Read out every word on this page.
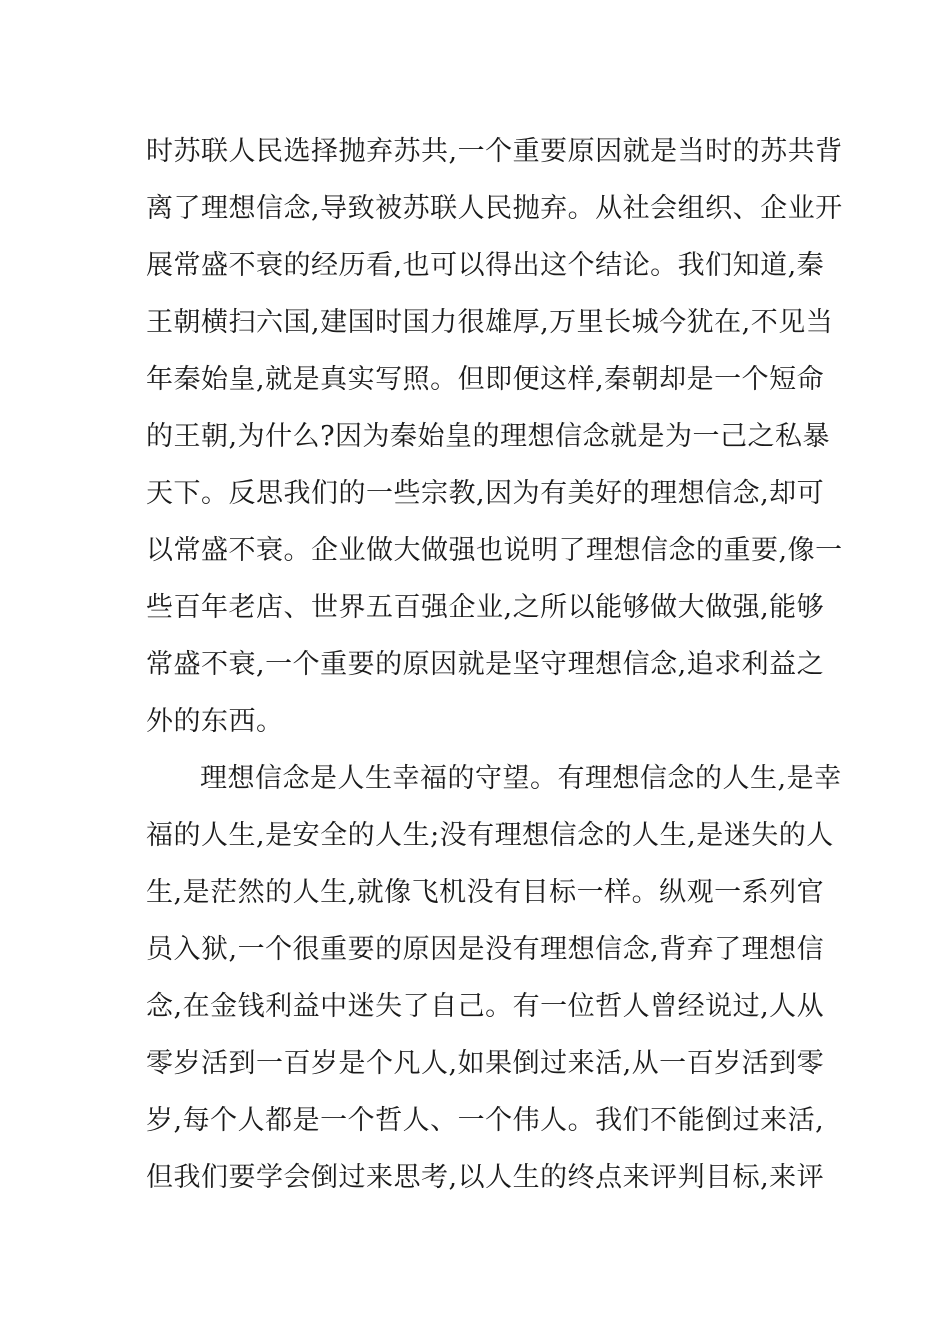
时苏联人民选择抛弃苏共,一个重要原因就是当时的苏共背
离了理想信念,导致被苏联人民抛弃。从社会组织、企业开
展常盛不衰的经历看,也可以得出这个结论。我们知道,秦
王朝横扫六国,建国时国力很雄厚,万里长城今犹在,不见当
年秦始皇,就是真实写照。但即便这样,秦朝却是一个短命
的王朝,为什么?因为秦始皇的理想信念就是为一己之私暴
天下。反思我们的一些宗教,因为有美好的理想信念,却可
以常盛不衰。企业做大做强也说明了理想信念的重要,像一
些百年老店、世界五百强企业,之所以能够做大做强,能够
常盛不衰,一个重要的原因就是坚守理想信念,追求利益之
外的东西。
理想信念是人生幸福的守望。有理想信念的人生,是幸
福的人生,是安全的人生;没有理想信念的人生,是迷失的人
生,是茫然的人生,就像飞机没有目标一样。纵观一系列官
员入狱,一个很重要的原因是没有理想信念,背弃了理想信
念,在金钱利益中迷失了自己。有一位哲人曾经说过,人从
零岁活到一百岁是个凡人,如果倒过来活,从一百岁活到零
岁,每个人都是一个哲人、一个伟人。我们不能倒过来活,
但我们要学会倒过来思考,以人生的终点来评判目标,来评
